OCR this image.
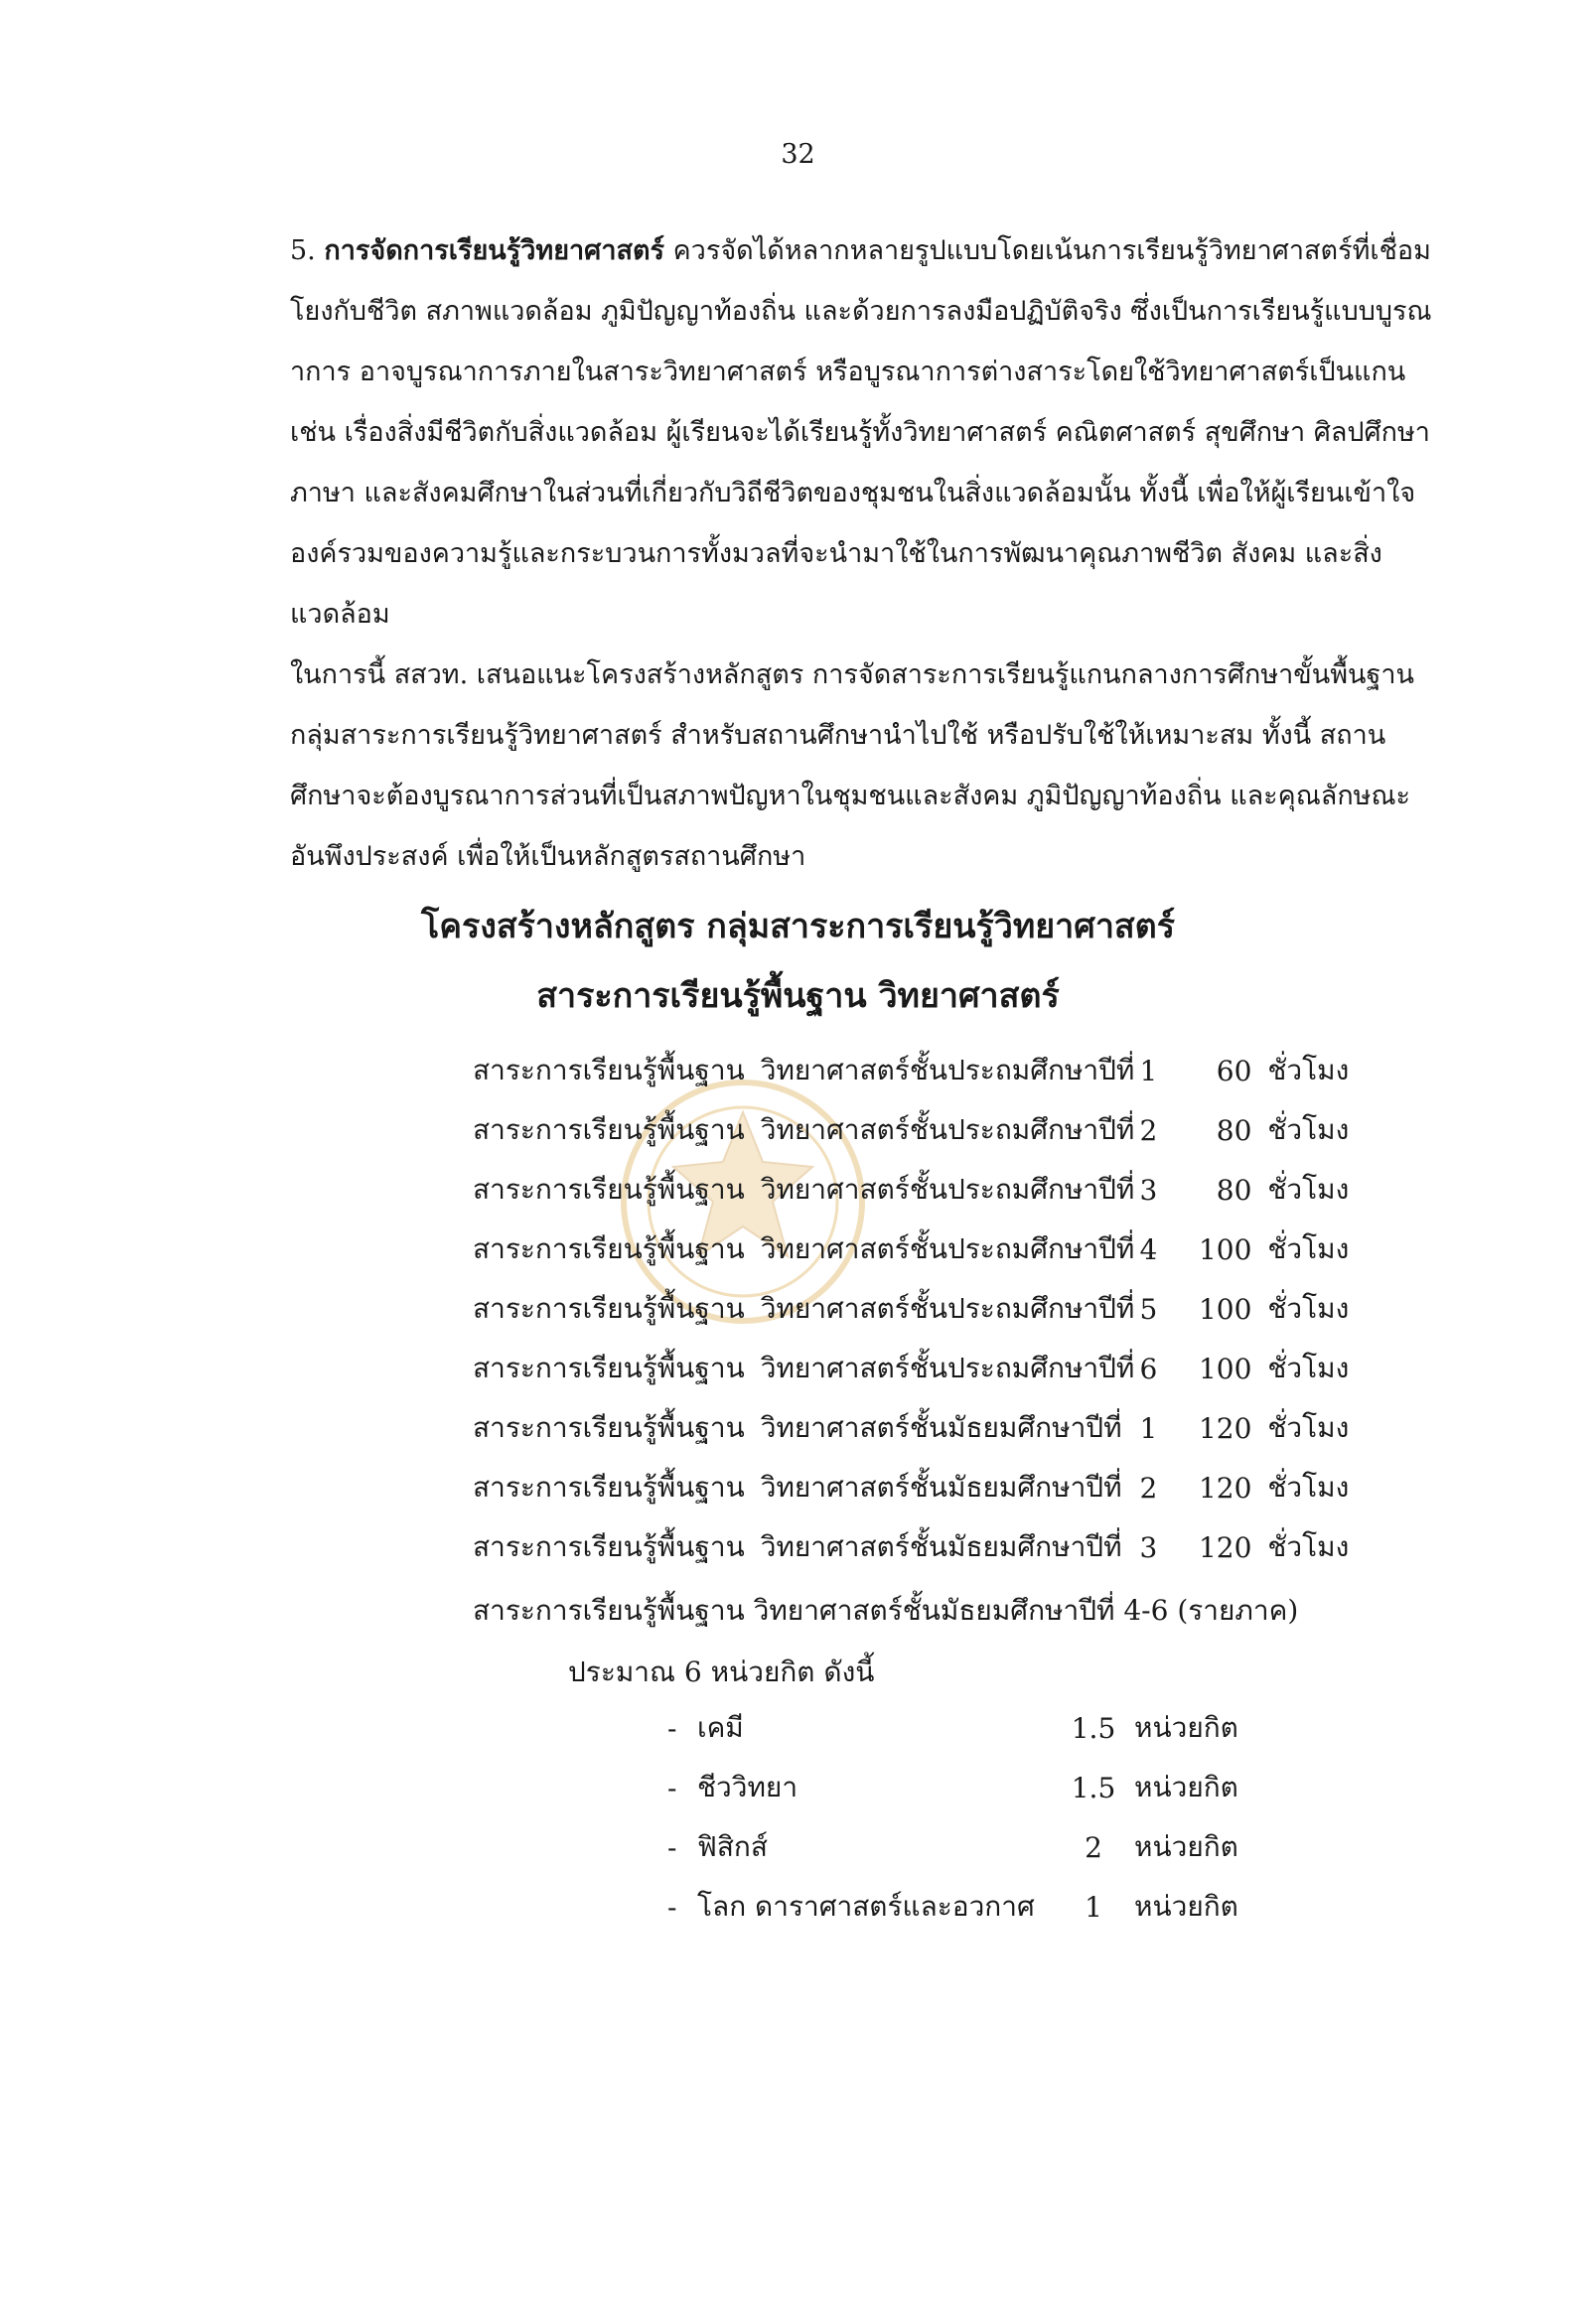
32

5. การจัดการเรียนรู้วิทยาศาสตร์ ควรจัดได้หลากหลายรูปแบบโดยเน้นการเรียนรู้วิทยาศาสตร์ที่เชื่อมโยงกับชีวิต สภาพแวดล้อม ภูมิปัญญาท้องถิ่น และด้วยการลงมือปฏิบัติจริง ซึ่งเป็นการเรียนรู้แบบบูรณาการ อาจบูรณาการภายในสาระวิทยาศาสตร์ หรือบูรณาการต่างสาระโดยใช้วิทยาศาสตร์เป็นแกน เช่น เรื่องสิ่งมีชีวิตกับสิ่งแวดล้อม ผู้เรียนจะได้เรียนรู้ทั้งวิทยาศาสตร์ คณิตศาสตร์ สุขศึกษา ศิลปศึกษา ภาษา และสังคมศึกษาในส่วนที่เกี่ยวกับวิถีชีวิตของชุมชนในสิ่งแวดล้อมนั้น ทั้งนี้ เพื่อให้ผู้เรียนเข้าใจองค์รวมของความรู้และกระบวนการทั้งมวลที่จะนำมาใช้ในการพัฒนาคุณภาพชีวิต สังคม และสิ่งแวดล้อม

ในการนี้ สสวท. เสนอแนะโครงสร้างหลักสูตร การจัดสาระการเรียนรู้แกนกลางการศึกษาขั้นพื้นฐานกลุ่มสาระการเรียนรู้วิทยาศาสตร์ สำหรับสถานศึกษานำไปใช้ หรือปรับใช้ให้เหมาะสม ทั้งนี้ สถานศึกษาจะต้องบูรณาการส่วนที่เป็นสภาพปัญหาในชุมชนและสังคม ภูมิปัญญาท้องถิ่น และคุณลักษณะอันพึงประสงค์ เพื่อให้เป็นหลักสูตรสถานศึกษา

โครงสร้างหลักสูตร กลุ่มสาระการเรียนรู้วิทยาศาสตร์
สาระการเรียนรู้พื้นฐาน วิทยาศาสตร์
สาระการเรียนรู้พื้นฐาน	วิทยาศาสตร์ชั้นประถมศึกษาปีที่	1	60	ชั่วโมง
สาระการเรียนรู้พื้นฐาน	วิทยาศาสตร์ชั้นประถมศึกษาปีที่	2	80	ชั่วโมง
สาระการเรียนรู้พื้นฐาน	วิทยาศาสตร์ชั้นประถมศึกษาปีที่	3	80	ชั่วโมง
สาระการเรียนรู้พื้นฐาน	วิทยาศาสตร์ชั้นประถมศึกษาปีที่	4	100	ชั่วโมง
สาระการเรียนรู้พื้นฐาน	วิทยาศาสตร์ชั้นประถมศึกษาปีที่	5	100	ชั่วโมง
สาระการเรียนรู้พื้นฐาน	วิทยาศาสตร์ชั้นประถมศึกษาปีที่	6	100	ชั่วโมง
สาระการเรียนรู้พื้นฐาน	วิทยาศาสตร์ชั้นมัธยมศึกษาปีที่	1	120	ชั่วโมง
สาระการเรียนรู้พื้นฐาน	วิทยาศาสตร์ชั้นมัธยมศึกษาปีที่	2	120	ชั่วโมง
สาระการเรียนรู้พื้นฐาน	วิทยาศาสตร์ชั้นมัธยมศึกษาปีที่	3	120	ชั่วโมง
สาระการเรียนรู้พื้นฐาน วิทยาศาสตร์ชั้นมัธยมศึกษาปีที่ 4-6 (รายภาค)
ประมาณ 6 หน่วยกิต ดังนี้
-	เคมี	1.5	หน่วยกิต
-	ชีววิทยา	1.5	หน่วยกิต
-	ฟิสิกส์	2	หน่วยกิต
-	โลก ดาราศาสตร์และอวกาศ	1	หน่วยกิต
